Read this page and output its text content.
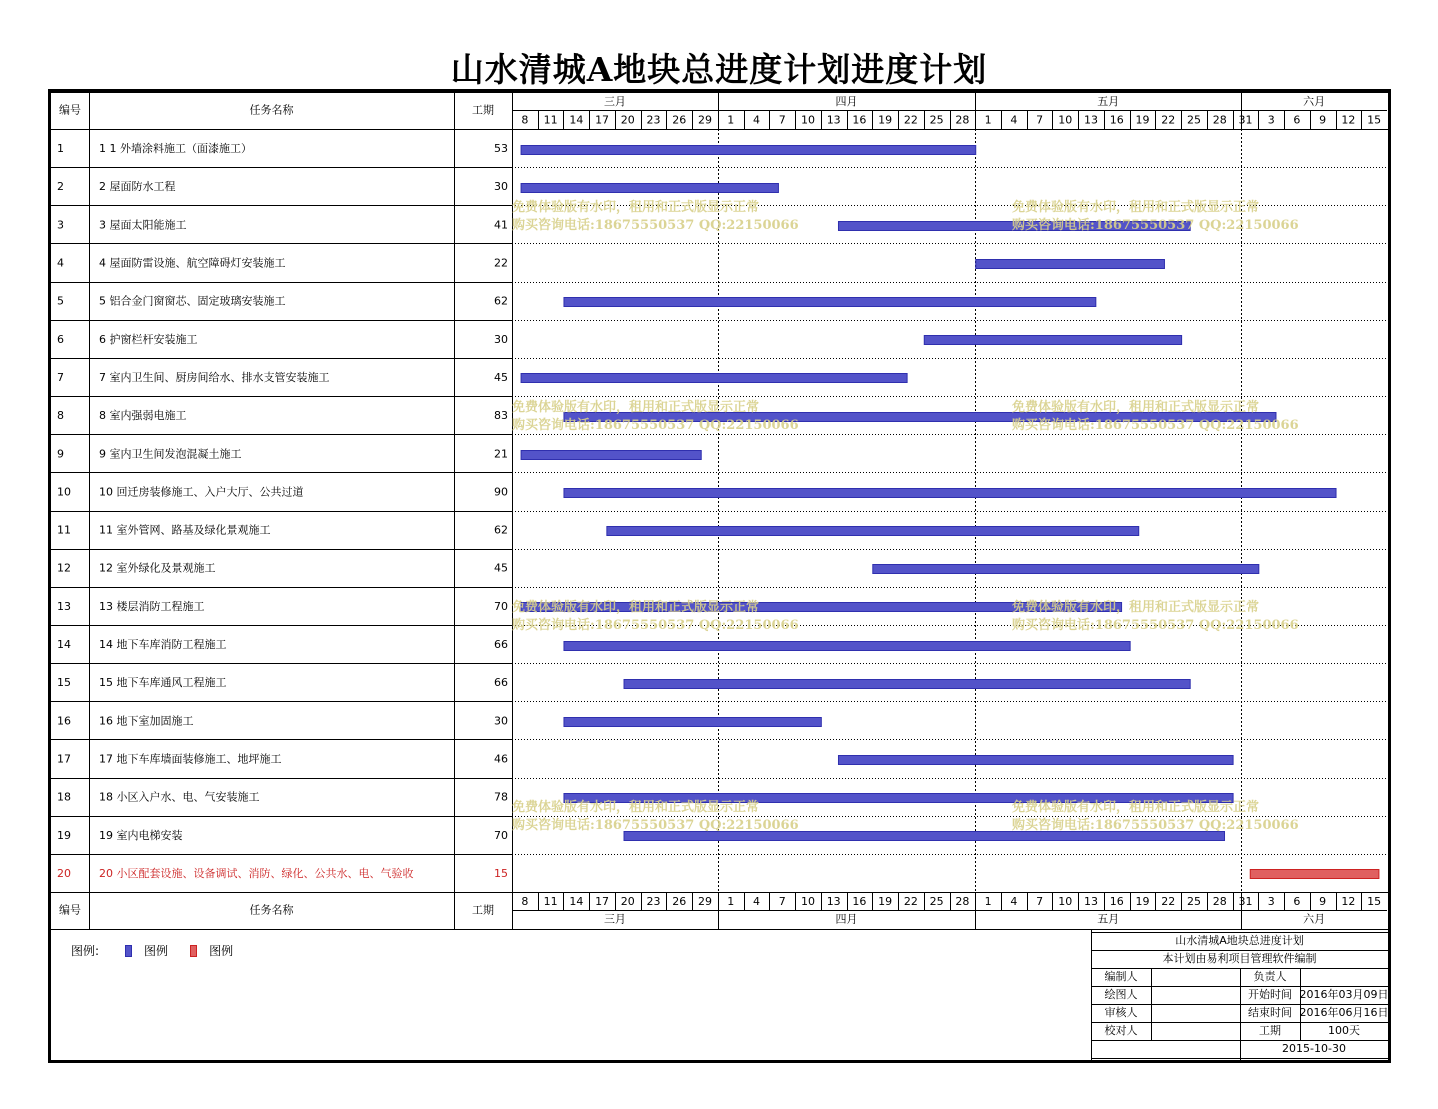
山水清城A地块总进度计划进度计划
编号	任务名称	工期
编号	任务名称	工期
三月
三月
四月
四月
五月
五月
六月
六月
8
8
11
11
14
14
17
17
20
20
23
23
26
26
29
29
1
1
4
4
7
7
10
10
13
13
16
16
19
19
22
22
25
25
28
28
1
1
4
4
7
7
10
10
13
13
16
16
19
19
22
22
25
25
28
28
31
31
3
3
6
6
9
9
12
12
15
15
1	1 1 外墙涂料施工（面漆施工）	53
2	2 屋面防水工程	30
3	3 屋面太阳能施工	41
4	4 屋面防雷设施、航空障碍灯安装施工	22
5	5 铝合金门窗窗芯、固定玻璃安装施工	62
6	6 护窗栏杆安装施工	30
7	7 室内卫生间、厨房间给水、排水支管安装施工	45
8	8 室内强弱电施工	83
9	9 室内卫生间发泡混凝土施工	21
10	10 回迁房装修施工、入户大厅、公共过道	90
11	11 室外管网、路基及绿化景观施工	62
12	12 室外绿化及景观施工	45
13	13 楼层消防工程施工	70
14	14 地下车库消防工程施工	66
15	15 地下车库通风工程施工	66
16	16 地下室加固施工	30
17	17 地下车库墙面装修施工、地坪施工	46
18	18 小区入户水、电、气安装施工	78
19	19 室内电梯安装	70
20	20 小区配套设施、设备调试、消防、绿化、公共水、电、气验收	15
山水清城A地块总进度计划
本计划由易利项目管理软件编制
编制人	负责人
绘图人	开始时间 2016年03月09日
审核人	结束时间 2016年06月16日
校对人	工期	100天
2015-10-30
图例:	图例	图例
免费体验版有水印，租用和正式版显示正常
购买咨询电话:18675550537 QQ:22150066
免费体验版有水印，租用和正式版显示正常
购买咨询电话:18675550537 QQ:22150066
免费体验版有水印，租用和正式版显示正常
购买咨询电话:18675550537 QQ:22150066
免费体验版有水印，租用和正式版显示正常
购买咨询电话:18675550537 QQ:22150066
免费体验版有水印，租用和正式版显示正常
购买咨询电话:18675550537 QQ:22150066
免费体验版有水印，租用和正式版显示正常
购买咨询电话:18675550537 QQ:22150066
免费体验版有水印，租用和正式版显示正常
购买咨询电话:18675550537 QQ:22150066
免费体验版有水印，租用和正式版显示正常
购买咨询电话:18675550537 QQ:22150066
